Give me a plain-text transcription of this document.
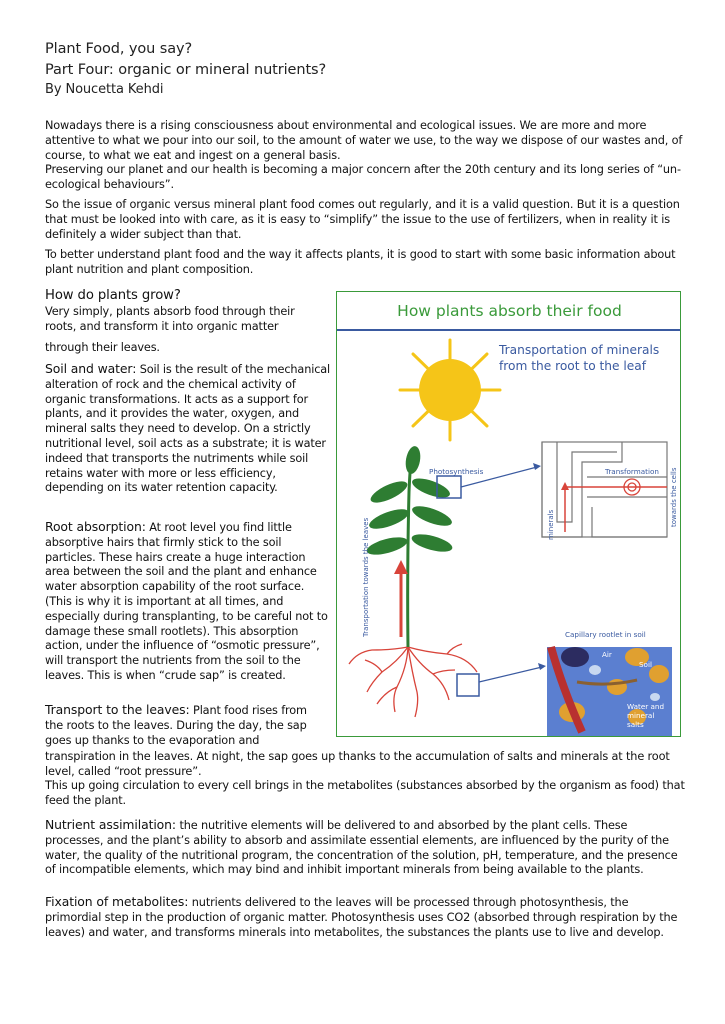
Plant Food, you say?
Part Four: organic or mineral nutrients?
By Noucetta Kehdi
Nowadays there is a rising consciousness about environmental and ecological issues. We are more and more attentive to what we pour into our soil, to the amount of water we use, to the way we dispose of our wastes and, of course, to what we eat and ingest on a general basis.
Preserving our planet and our health is becoming a major concern after the 20th century and its long series of “un-ecological behaviours”.
So the issue of organic versus mineral plant food comes out regularly, and it is a valid question. But it is a question that must be looked into with care, as it is easy to “simplify” the issue to the use of fertilizers, when in reality it is definitely a wider subject than that.
To better understand plant food and the way it affects plants, it is good to start with some basic information about plant nutrition and plant composition.
How do plants grow?
Very simply, plants absorb food through their roots, and transform it into organic matter
through their leaves.
Soil and water: Soil is the result of the mechanical alteration of rock and the chemical activity of organic transformations. It acts as a support for plants, and it provides the water, oxygen, and mineral salts they need to develop. On a strictly nutritional level, soil acts as a substrate; it is water indeed that transports the nutriments while soil retains water with more or less efficiency, depending on its water retention capacity.
Root absorption: At root level you find little absorptive hairs that firmly stick to the soil particles. These hairs create a huge interaction area between the soil and the plant and enhance water absorption capability of the root surface. (This is why it is important at all times, and especially during transplanting, to be careful not to damage these small rootlets). This absorption action, under the influence of “osmotic pressure”, will transport the nutrients from the soil to the leaves. This is when “crude sap” is created.
Transport to the leaves: Plant food rises from the roots to the leaves. During the day, the sap goes up thanks to the evaporation and
transpiration in the leaves. At night, the sap goes up thanks to the accumulation of salts and minerals at the root level, called “root pressure”.
This up going circulation to every cell brings in the metabolites (substances absorbed by the organism as food) that feed the plant.
Nutrient assimilation: the nutritive elements will be delivered to and absorbed by the plant cells. These processes, and the plant’s ability to absorb and assimilate essential elements, are influenced by the purity of the water, the quality of the nutritional program, the concentration of the solution, pH, temperature, and the presence of incompatible elements, which may bind and inhibit important minerals from being available to the plants.
Fixation of metabolites: nutrients delivered to the leaves will be processed through photosynthesis, the primordial step in the production of organic matter. Photosynthesis uses CO2 (absorbed through respiration by the leaves) and water, and transforms minerals into metabolites, the substances the plants use to live and develop.
How plants absorb their food
Transportation of minerals from the root to the leaf
Photosynthesis	Transformation towards the cells
minerals
Transportation towards the leaves	Capillary rootlet in soil
Air
Soil
Water and mineral salts
